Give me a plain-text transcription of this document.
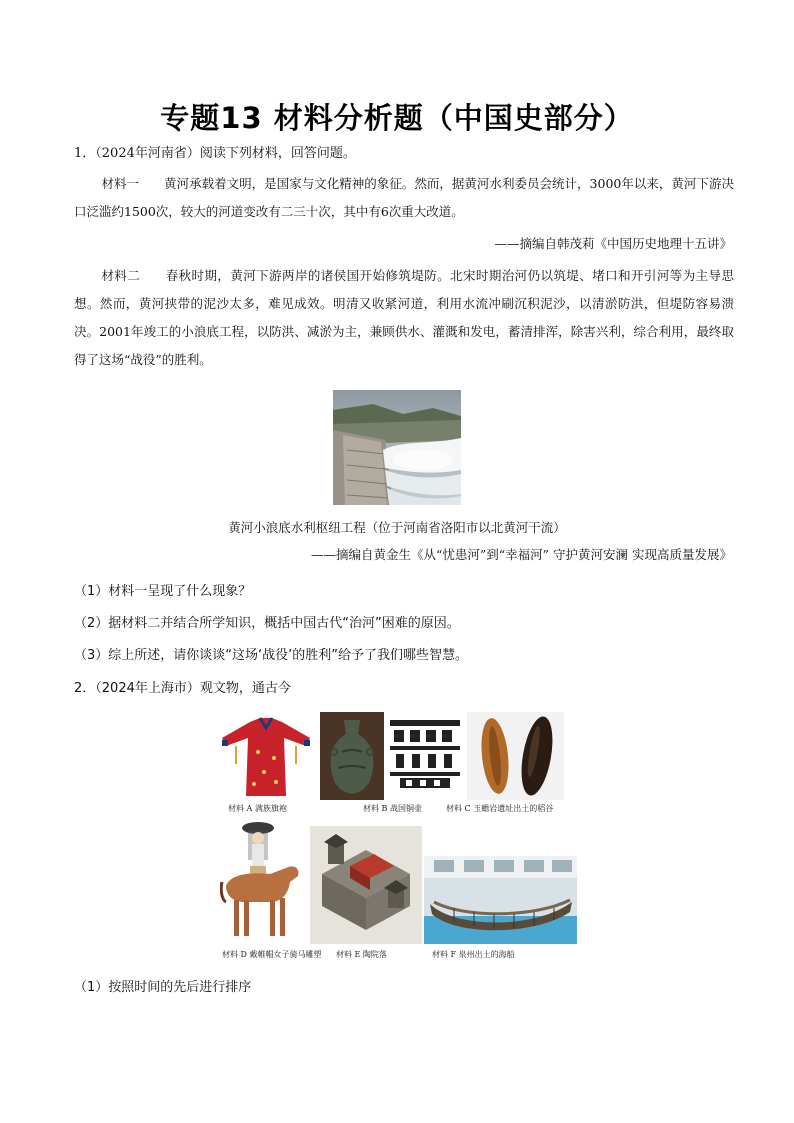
专题13 材料分析题（中国史部分）
1．（2024年河南省）阅读下列材料，回答问题。
材料一 黄河承载着文明，是国家与文化精神的象征。然而，据黄河水利委员会统计，3000年以来，黄河下游决口泛滥约1500次，较大的河道变改有二三十次，其中有6次重大改道。
——摘编自韩茂莉《中国历史地理十五讲》
材料二 春秋时期，黄河下游两岸的诸侯国开始修筑堤防。北宋时期治河仍以筑堤、堵口和开引河等为主导思想。然而，黄河挟带的泥沙太多，难见成效。明清又收紧河道，利用水流冲刷沉积泥沙，以清淤防洪，但堤防容易溃决。2001年竣工的小浪底工程，以防洪、减淤为主，兼顾供水、灌溉和发电，蓄清排浑，除害兴利，综合利用，最终取得了这场“战役”的胜利。
黄河小浪底水利枢纽工程（位于河南省洛阳市以北黄河干流）
——摘编自黄金生《从“忧患河”到“幸福河” 守护黄河安澜 实现高质量发展》
（1）材料一呈现了什么现象？
（2）据材料二并结合所学知识，概括中国古代“治河”困难的原因。
（3）综上所述，请你谈谈“这场‘战役’的胜利”给予了我们哪些智慧。
2．（2024年上海市）观文物，通古今
材料 A 满族旗袍	材料 B 战国铜壶	材料 C 玉蟾岩遗址出土的稻谷
材料 D 戴帷帽女子骑马雕塑 材料 E 陶院落	材料 F 泉州出土的海船
（1）按照时间的先后进行排序
